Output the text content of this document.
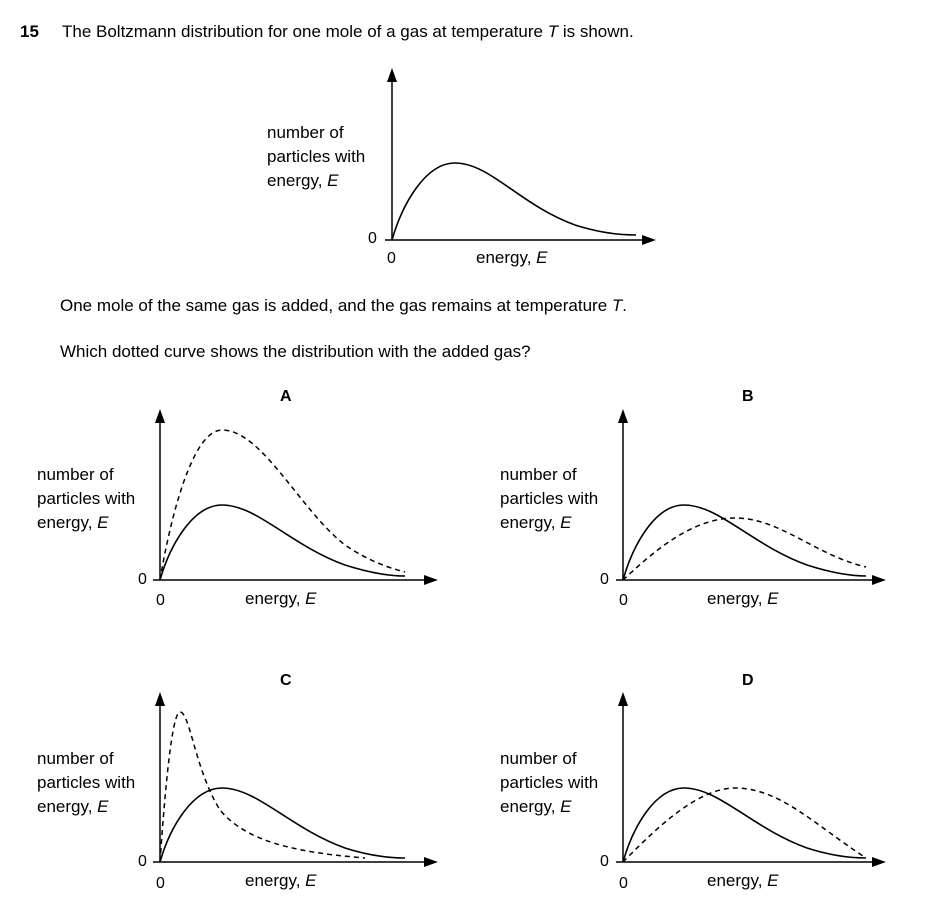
15 The Boltzmann distribution for one mole of a gas at temperature T is shown.
number of
particles with
energy, E
0
0	energy, E
One mole of the same gas is added, and the gas remains at temperature T.
Which dotted curve shows the distribution with the added gas?
A
number of
particles with
energy, E
0
0	energy, E
B
number of
particles with
energy, E
0
0	energy, E
C
number of
particles with
energy, E
0
0	energy, E
D
number of
particles with
energy, E
0
0	energy, E
